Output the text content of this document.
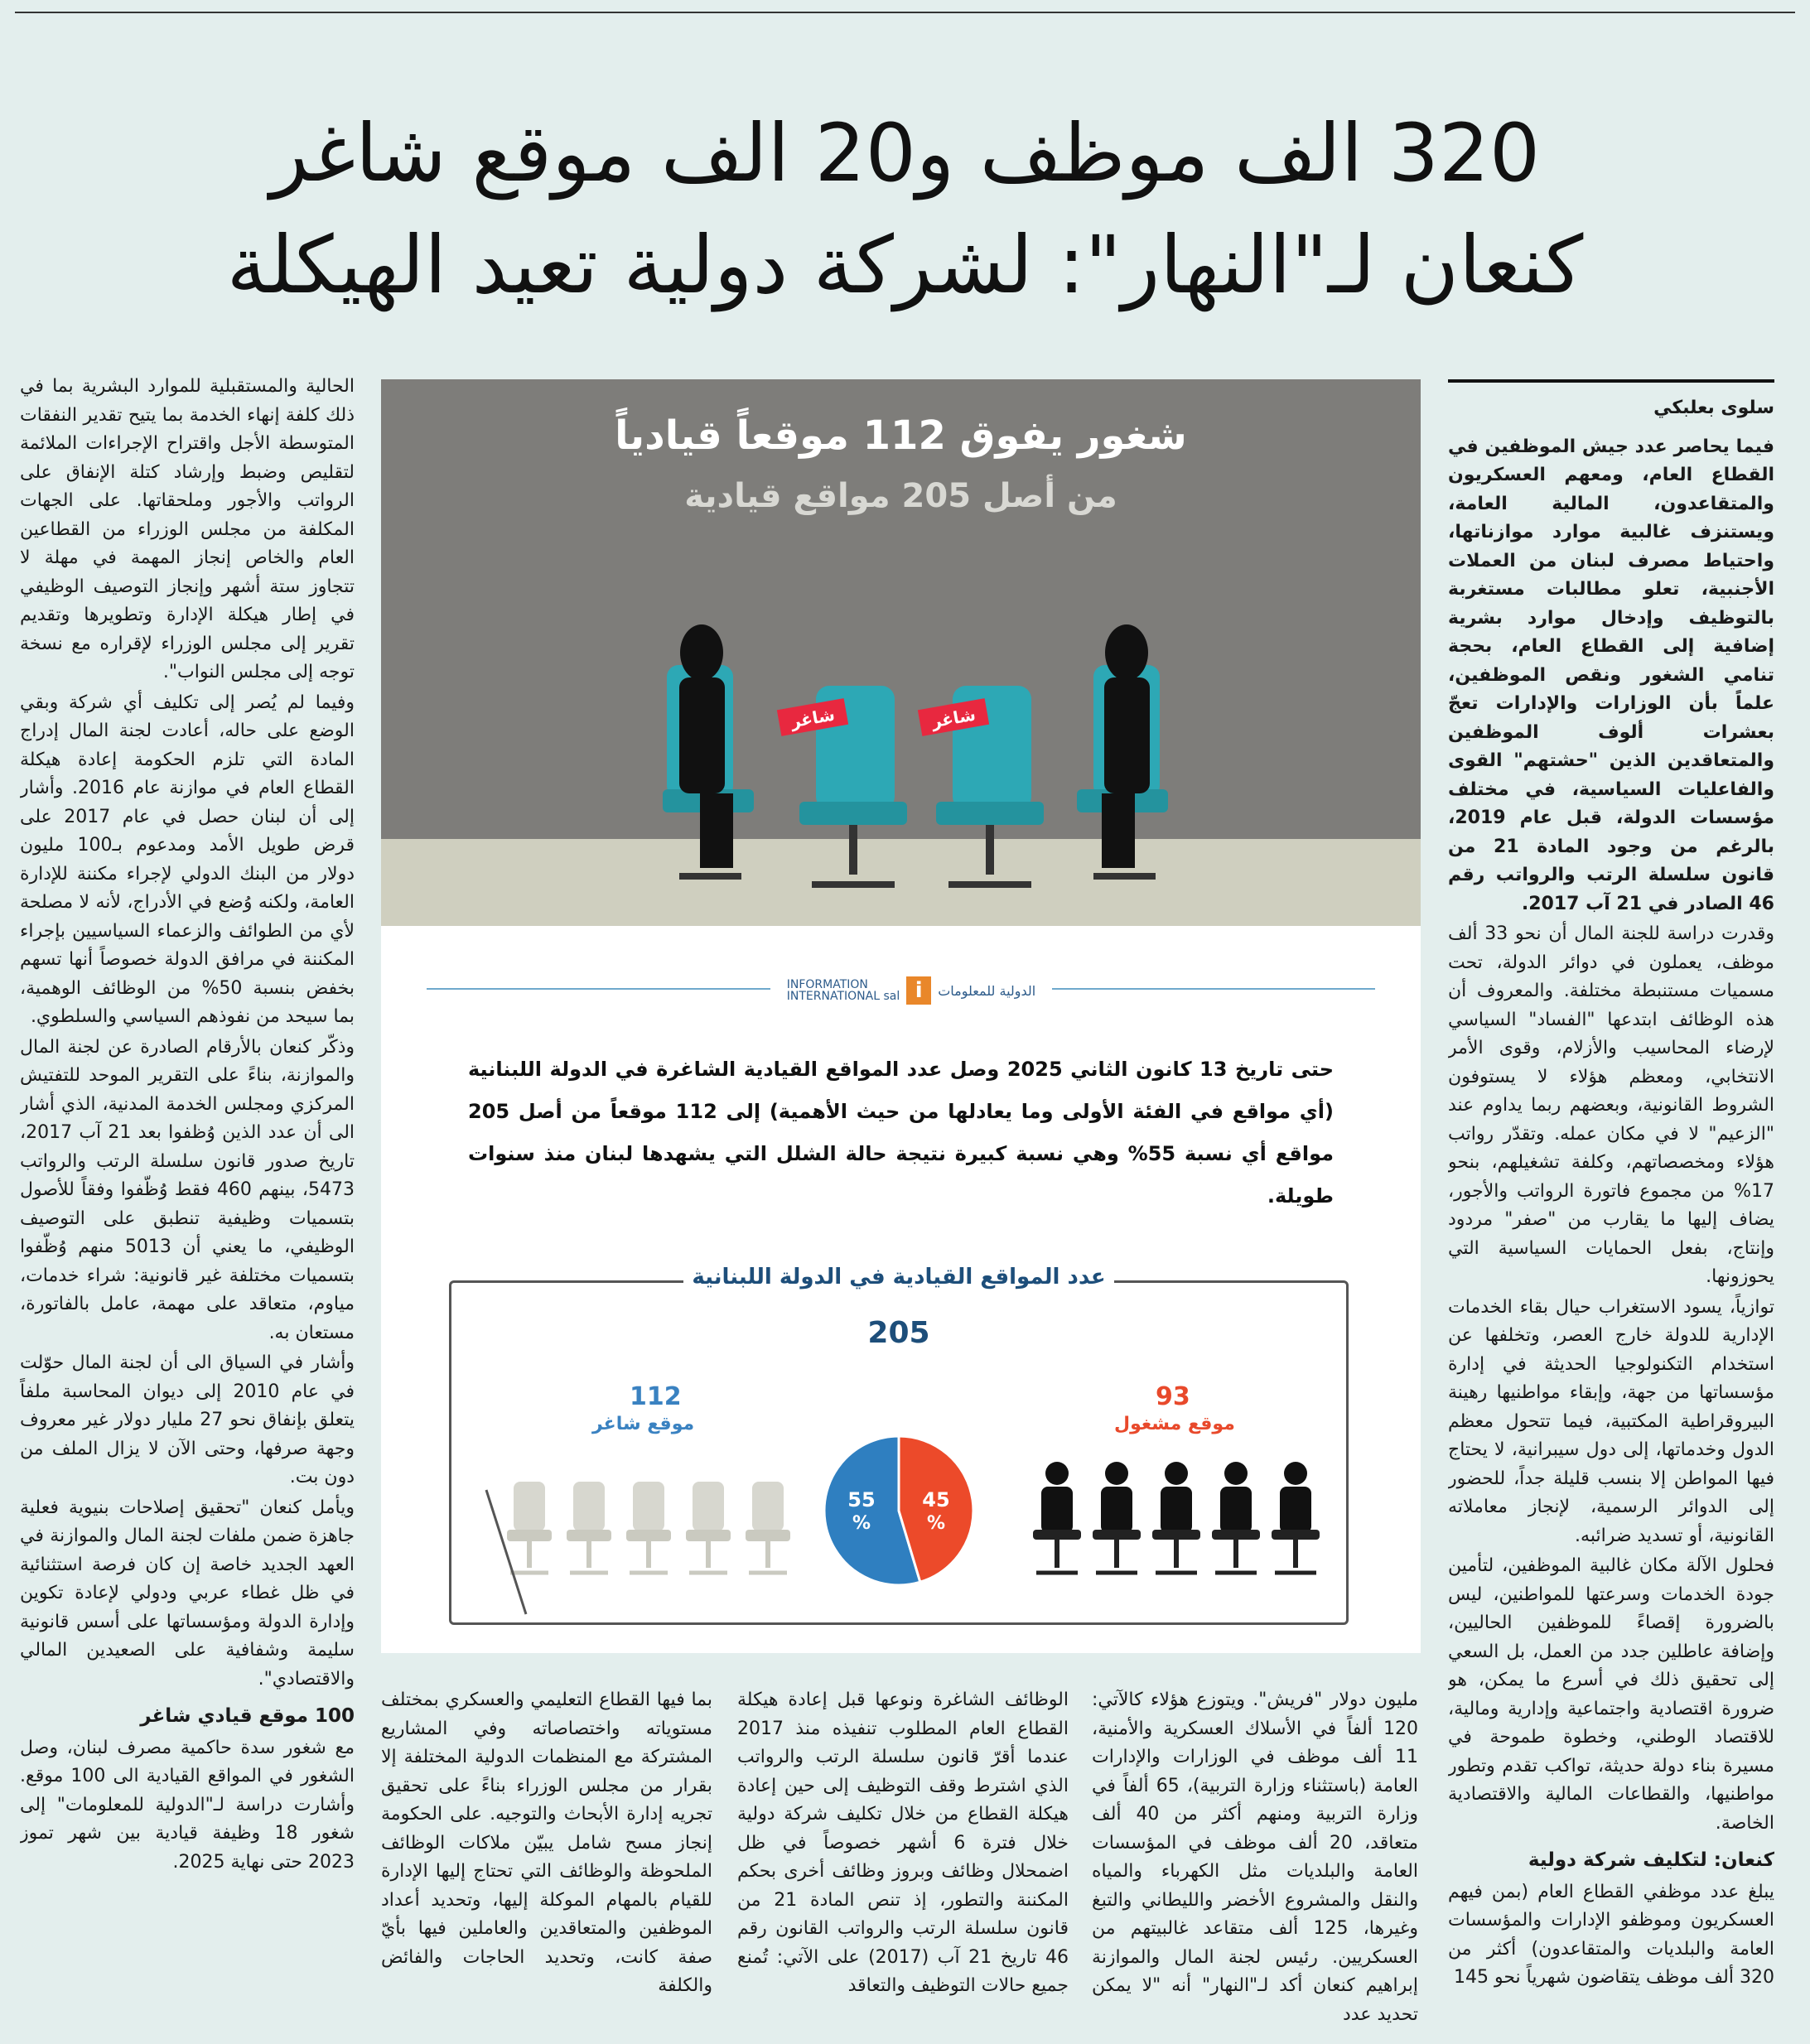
320 الف موظف و20 الف موقع شاغر
كنعان لـ"النهار": لشركة دولية تعيد الهيكلة
سلوى بعلبكي

فيما يحاصر عدد جيش الموظفين في القطاع العام، ومعهم العسكريون والمتقاعدون، المالية العامة، ويستنزف غالبية موارد موازناتها، واحتياط مصرف لبنان من العملات الأجنبية، تعلو مطالبات مستغربة بالتوظيف وإدخال موارد بشرية إضافية إلى القطاع العام، بحجة تنامي الشغور ونقص الموظفين، علماً بأن الوزارات والإدارات تعجّ بعشرات ألوف الموظفين والمتعاقدين الذين "حشتهم" القوى والفاعليات السياسية، في مختلف مؤسسات الدولة، قبل عام 2019، بالرغم من وجود المادة 21 من قانون سلسلة الرتب والرواتب رقم 46 الصادر في 21 آب 2017.

وقدرت دراسة للجنة المال أن نحو 33 ألف موظف، يعملون في دوائر الدولة، تحت مسميات مستنبطة مختلفة. والمعروف أن هذه الوظائف ابتدعها "الفساد" السياسي لإرضاء المحاسيب والأزلام، وقوى الأمر الانتخابي، ومعظم هؤلاء لا يستوفون الشروط القانونية، وبعضهم ربما يداوم عند "الزعيم" لا في مكان عمله. وتقدّر رواتب هؤلاء ومخصصاتهم، وكلفة تشغيلهم، بنحو 17% من مجموع فاتورة الرواتب والأجور، يضاف إليها ما يقارب من "صفر" مردود وإنتاج، بفعل الحمايات السياسية التي يحوزونها.

توازياً، يسود الاستغراب حيال بقاء الخدمات الإدارية للدولة خارج العصر، وتخلفها عن استخدام التكنولوجيا الحديثة في إدارة مؤسساتها من جهة، وإبقاء مواطنيها رهينة البيروقراطية المكتبية، فيما تتحول معظم الدول وخدماتها، إلى دول سيبرانية، لا يحتاج فيها المواطن إلا بنسب قليلة جداً، للحضور إلى الدوائر الرسمية، لإنجاز معاملاته القانونية، أو تسديد ضرائبه.

فحلول الآلة مكان غالبية الموظفين، لتأمين جودة الخدمات وسرعتها للمواطنين، ليس بالضرورة إقصاءً للموظفين الحاليين، وإضافة عاطلين جدد من العمل، بل السعي إلى تحقيق ذلك في أسرع ما يمكن، هو ضرورة اقتصادية واجتماعية وإدارية ومالية، للاقتصاد الوطني، وخطوة طموحة في مسيرة بناء دولة حديثة، تواكب تقدم وتطور مواطنيها، والقطاعات المالية والاقتصادية الخاصة.

كنعان: لتكليف شركة دولية

يبلغ عدد موظفي القطاع العام (بمن فيهم العسكريون وموظفو الإدارات والمؤسسات العامة والبلديات والمتقاعدون) أكثر من 320 ألف موظف يتقاضون شهرياً نحو 145

شاغر	شاغر
شغور يفوق 112 موقعاً قيادياً
من أصل 205 مواقع قيادية
INFORMATION
INTERNATIONAL sal i	الدولية للمعلومات
حتى تاريخ 13 كانون الثاني 2025 وصل عدد المواقع القيادية الشاغرة في الدولة اللبنانية (أي مواقع في الفئة الأولى وما يعادلها من حيث الأهمية) إلى 112 موقعاً من أصل 205 مواقع أي نسبة 55% وهي نسبة كبيرة نتيجة حالة الشلل التي يشهدها لبنان منذ سنوات طويلة.
55
%
45
%
عدد المواقع القيادية في الدولة اللبنانية
205
112
موقع شاغر
93
موقع مشغول

مليون دولار "فريش". ويتوزع هؤلاء كالآتي: 120 ألفاً في الأسلاك العسكرية والأمنية، 11 ألف موظف في الوزارات والإدارات العامة (باستثناء وزارة التربية)، 65 ألفاً في وزارة التربية ومنهم أكثر من 40 ألف متعاقد، 20 ألف موظف في المؤسسات العامة والبلديات مثل الكهرباء والمياه والنقل والمشروع الأخضر والليطاني والتبغ وغيرها، 125 ألف متقاعد غالبيتهم من العسكريين. رئيس لجنة المال والموازنة إبراهيم كنعان أكد لـ"النهار" أنه "لا يمكن تحديد عدد

الوظائف الشاغرة ونوعها قبل إعادة هيكلة القطاع العام المطلوب تنفيذه منذ 2017 عندما أقرّ قانون سلسلة الرتب والرواتب الذي اشترط وقف التوظيف إلى حين إعادة هيكلة القطاع من خلال تكليف شركة دولية خلال فترة 6 أشهر خصوصاً في ظل اضمحلال وظائف وبروز وظائف أخرى بحكم المكننة والتطور، إذ تنص المادة 21 من قانون سلسلة الرتب والرواتب القانون رقم 46 تاريخ 21 آب (2017) على الآتي: تُمنع جميع حالات التوظيف والتعاقد

بما فيها القطاع التعليمي والعسكري بمختلف مستوياته واختصاصاته وفي المشاريع المشتركة مع المنظمات الدولية المختلفة إلا بقرار من مجلس الوزراء بناءً على تحقيق تجريه إدارة الأبحاث والتوجيه. على الحكومة إنجاز مسح شامل يبيّن ملاكات الوظائف الملحوظة والوظائف التي تحتاج إليها الإدارة للقيام بالمهام الموكلة إليها، وتحديد أعداد الموظفين والمتعاقدين والعاملين فيها بأيّ صفة كانت، وتحديد الحاجات والفائض والكلفة

الحالية والمستقبلية للموارد البشرية بما في ذلك كلفة إنهاء الخدمة بما يتيح تقدير النفقات المتوسطة الأجل واقتراح الإجراءات الملائمة لتقليص وضبط وإرشاد كتلة الإنفاق على الرواتب والأجور وملحقاتها. على الجهات المكلفة من مجلس الوزراء من القطاعين العام والخاص إنجاز المهمة في مهلة لا تتجاوز ستة أشهر وإنجاز التوصيف الوظيفي في إطار هيكلة الإدارة وتطويرها وتقديم تقرير إلى مجلس الوزراء لإقراره مع نسخة توجه إلى مجلس النواب".

وفيما لم يُصر إلى تكليف أي شركة وبقي الوضع على حاله، أعادت لجنة المال إدراج المادة التي تلزم الحكومة إعادة هيكلة القطاع العام في موازنة عام 2016. وأشار إلى أن لبنان حصل في عام 2017 على قرض طويل الأمد ومدعوم بـ100 مليون دولار من البنك الدولي لإجراء مكننة للإدارة العامة، ولكنه وُضع في الأدراج، لأنه لا مصلحة لأي من الطوائف والزعماء السياسيين بإجراء المكننة في مرافق الدولة خصوصاً أنها تسهم بخفض بنسبة 50% من الوظائف الوهمية، بما سيحد من نفوذهم السياسي والسلطوي.

وذكّر كنعان بالأرقام الصادرة عن لجنة المال والموازنة، بناءً على التقرير الموحد للتفتيش المركزي ومجلس الخدمة المدنية، الذي أشار الى أن عدد الذين وُظفوا بعد 21 آب 2017، تاريخ صدور قانون سلسلة الرتب والرواتب 5473، بينهم 460 فقط وُظّفوا وفقاً للأصول بتسميات وظيفية تنطبق على التوصيف الوظيفي، ما يعني أن 5013 منهم وُظّفوا بتسميات مختلفة غير قانونية: شراء خدمات، مياوم، متعاقد على مهمة، عامل بالفاتورة، مستعان به.

وأشار في السياق الى أن لجنة المال حوّلت في عام 2010 إلى ديوان المحاسبة ملفاً يتعلق بإنفاق نحو 27 مليار دولار غير معروف وجهة صرفها، وحتى الآن لا يزال الملف من دون بت.

ويأمل كنعان "تحقيق إصلاحات بنيوية فعلية جاهزة ضمن ملفات لجنة المال والموازنة في العهد الجديد خاصة إن كان فرصة استثنائية في ظل غطاء عربي ودولي لإعادة تكوين وإدارة الدولة ومؤسساتها على أسس قانونية سليمة وشفافية على الصعيدين المالي والاقتصادي".

100 موقع قيادي شاغر

مع شغور سدة حاكمية مصرف لبنان، وصل الشغور في المواقع القيادية الى 100 موقع. وأشارت دراسة لـ"الدولية للمعلومات" إلى شغور 18 وظيفة قيادية بين شهر تموز 2023 حتى نهاية 2025.
